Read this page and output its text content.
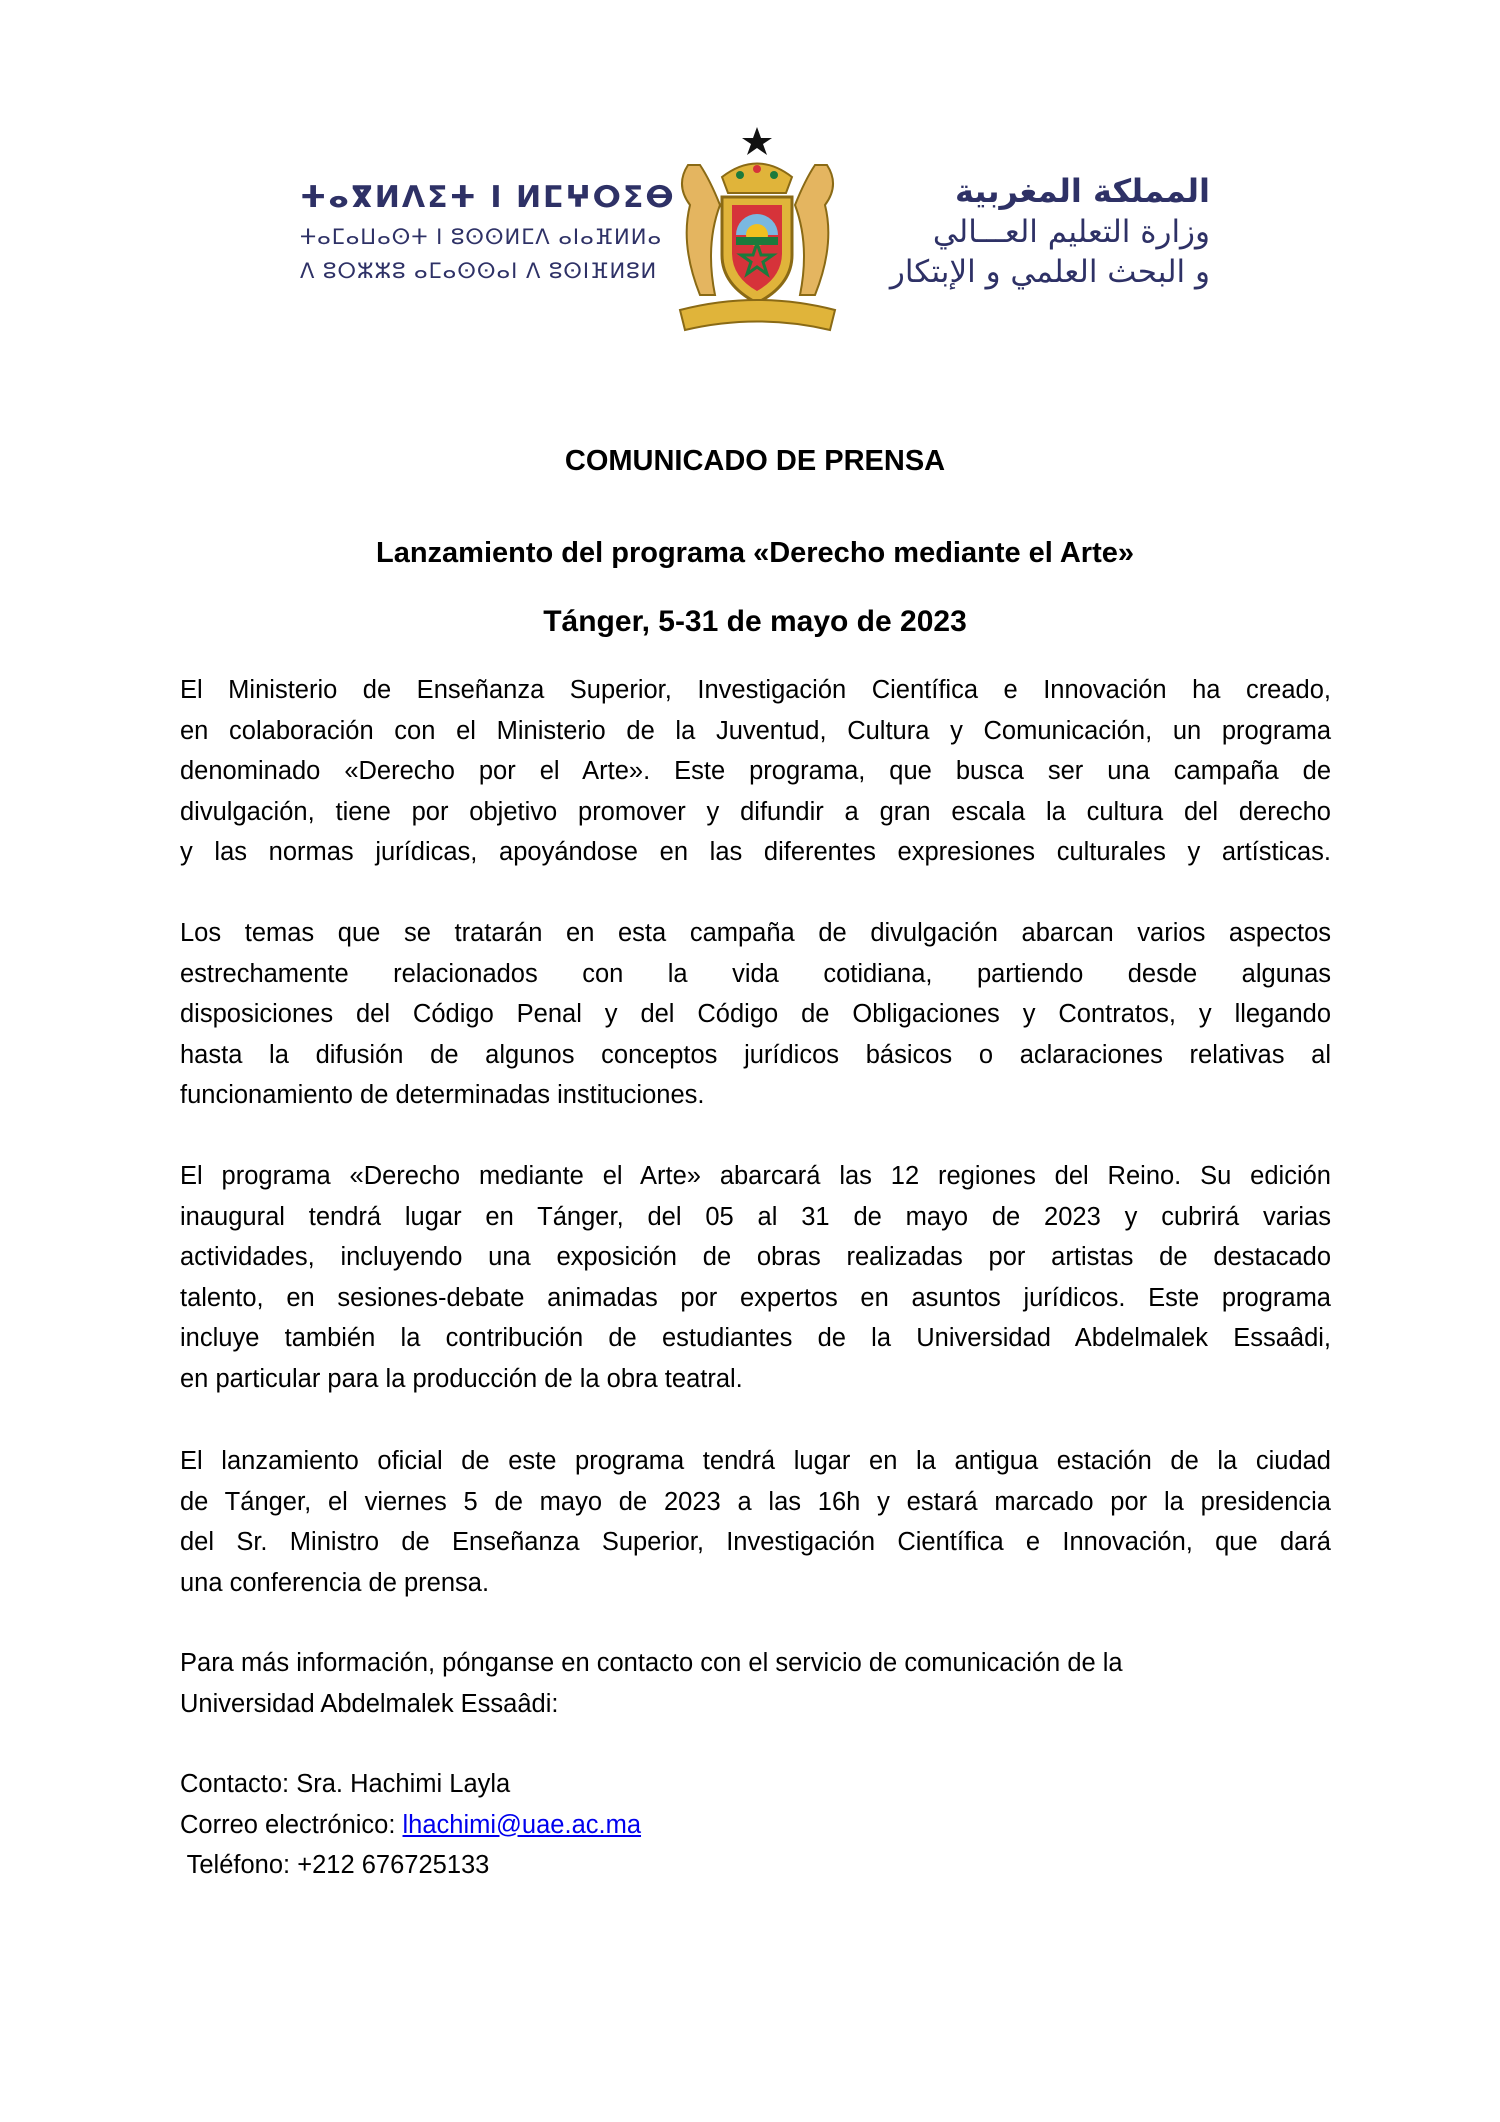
ⵜⴰⴳⵍⴷⵉⵜ ⵏ ⵍⵎⵖⵔⵉⴱ
ⵜⴰⵎⴰⵡⴰⵙⵜ ⵏ ⵓⵙⵙⵍⵎⴷ ⴰⵏⴰⴼⵍⵍⴰ
ⴷ ⵓⵔⵣⵣⵓ ⴰⵎⴰⵙⵙⴰⵏ ⴷ ⵓⵙⵏⴼⵍⵓⵍ
المملكة المغربية
وزارة التعليم العـــالي
و البحث العلمي و الإبتكار
COMUNICADO DE PRENSA
Lanzamiento del programa «Derecho mediante el Arte»
Tánger, 5-31 de mayo de 2023
El Ministerio de Enseñanza Superior, Investigación Científica e Innovación ha creado,
en colaboración con el Ministerio de la Juventud, Cultura y Comunicación, un programa
denominado «Derecho por el Arte». Este programa, que busca ser una campaña de
divulgación, tiene por objetivo promover y difundir a gran escala la cultura del derecho
y las normas jurídicas, apoyándose en las diferentes expresiones culturales y artísticas.
Los temas que se tratarán en esta campaña de divulgación abarcan varios aspectos
estrechamente relacionados con la vida cotidiana, partiendo desde algunas
disposiciones del Código Penal y del Código de Obligaciones y Contratos, y llegando
hasta la difusión de algunos conceptos jurídicos básicos o aclaraciones relativas al
funcionamiento de determinadas instituciones.
El programa «Derecho mediante el Arte» abarcará las 12 regiones del Reino. Su edición
inaugural tendrá lugar en Tánger, del 05 al 31 de mayo de 2023 y cubrirá varias
actividades, incluyendo una exposición de obras realizadas por artistas de destacado
talento, en sesiones-debate animadas por expertos en asuntos jurídicos. Este programa
incluye también la contribución de estudiantes de la Universidad Abdelmalek Essaâdi,
en particular para la producción de la obra teatral.
El lanzamiento oficial de este programa tendrá lugar en la antigua estación de la ciudad
de Tánger, el viernes 5 de mayo de 2023 a las 16h y estará marcado por la presidencia
del Sr. Ministro de Enseñanza Superior, Investigación Científica e Innovación, que dará
una conferencia de prensa.
Para más información, pónganse en contacto con el servicio de comunicación de la
Universidad Abdelmalek Essaâdi:
Contacto: Sra. Hachimi Layla
Correo electrónico: lhachimi@uae.ac.ma
Teléfono: +212 676725133
